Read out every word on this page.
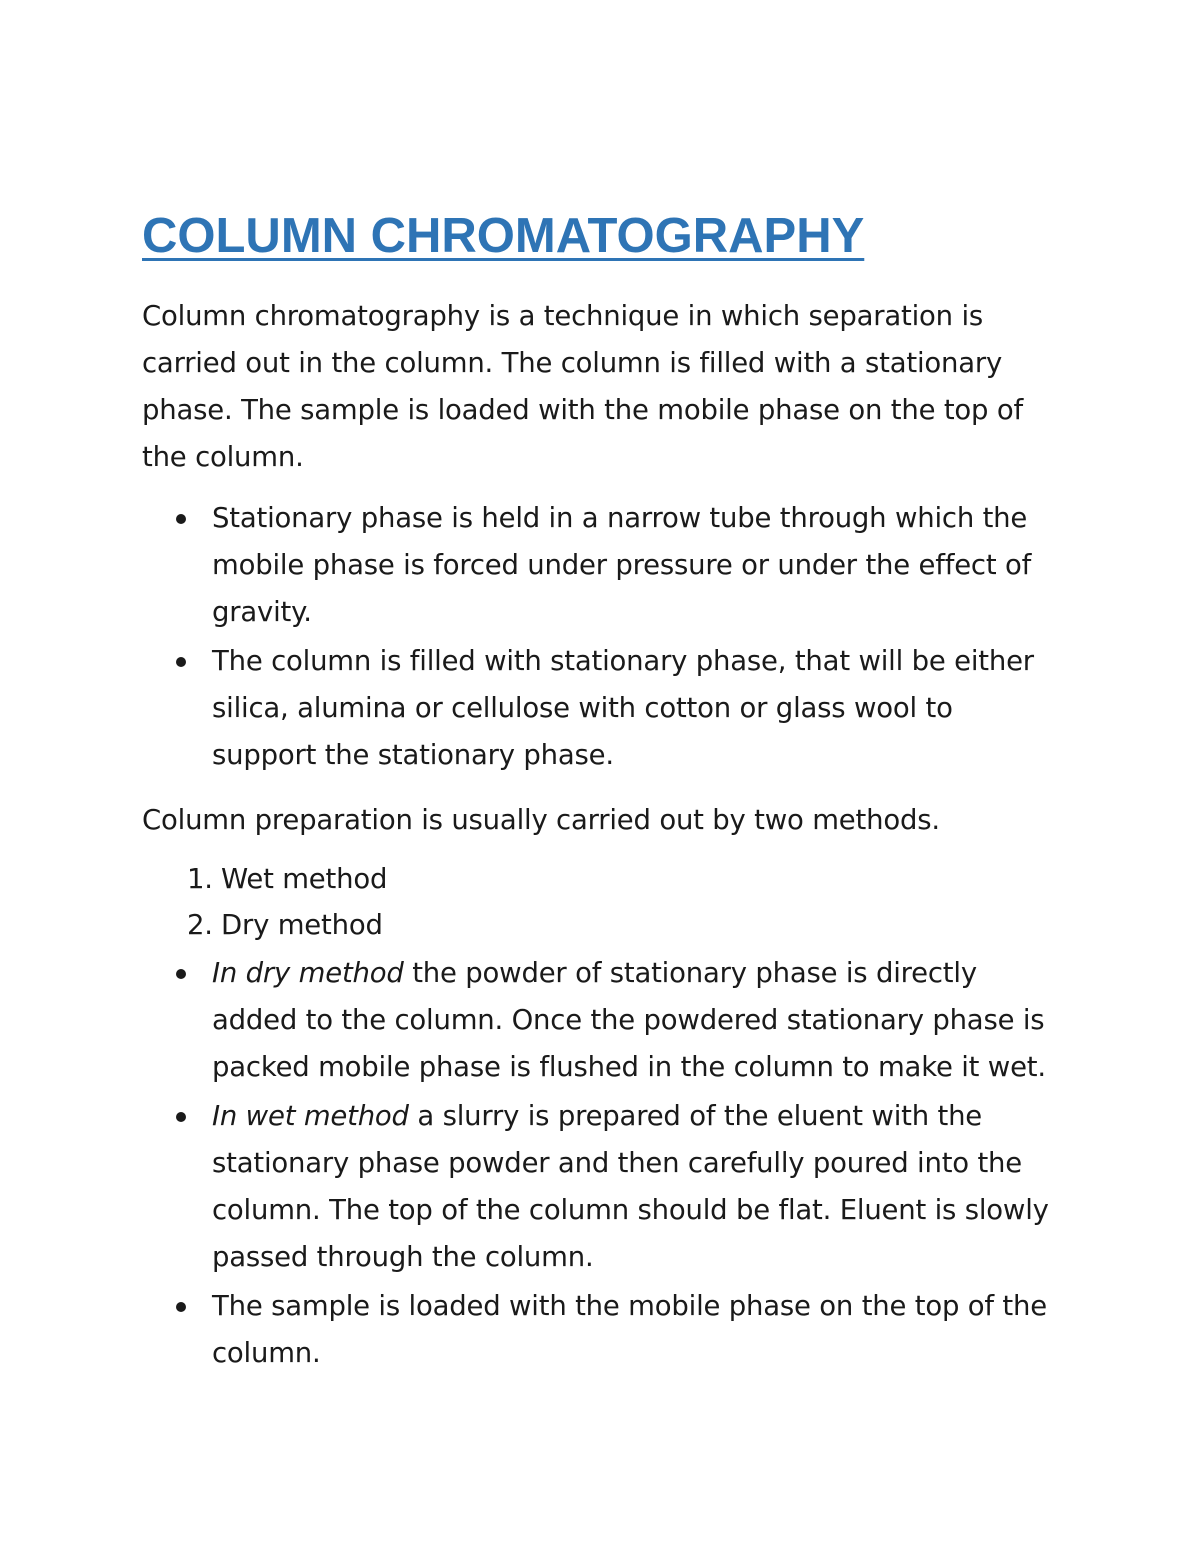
COLUMN CHROMATOGRAPHY

Column chromatography is a technique in which separation is carried out in the column. The column is filled with a stationary phase. The sample is loaded with the mobile phase on the top of the column.

Stationary phase is held in a narrow tube through which the mobile phase is forced under pressure or under the effect of gravity.
The column is filled with stationary phase, that will be either silica, alumina or cellulose with cotton or glass wool to support the stationary phase.

Column preparation is usually carried out by two methods.

1. Wet method
2. Dry method
In dry method the powder of stationary phase is directly added to the column. Once the powdered stationary phase is packed mobile phase is flushed in the column to make it wet.
In wet method a slurry is prepared of the eluent with the stationary phase powder and then carefully poured into the column. The top of the column should be flat. Eluent is slowly passed through the column.
The sample is loaded with the mobile phase on the top of the column.
